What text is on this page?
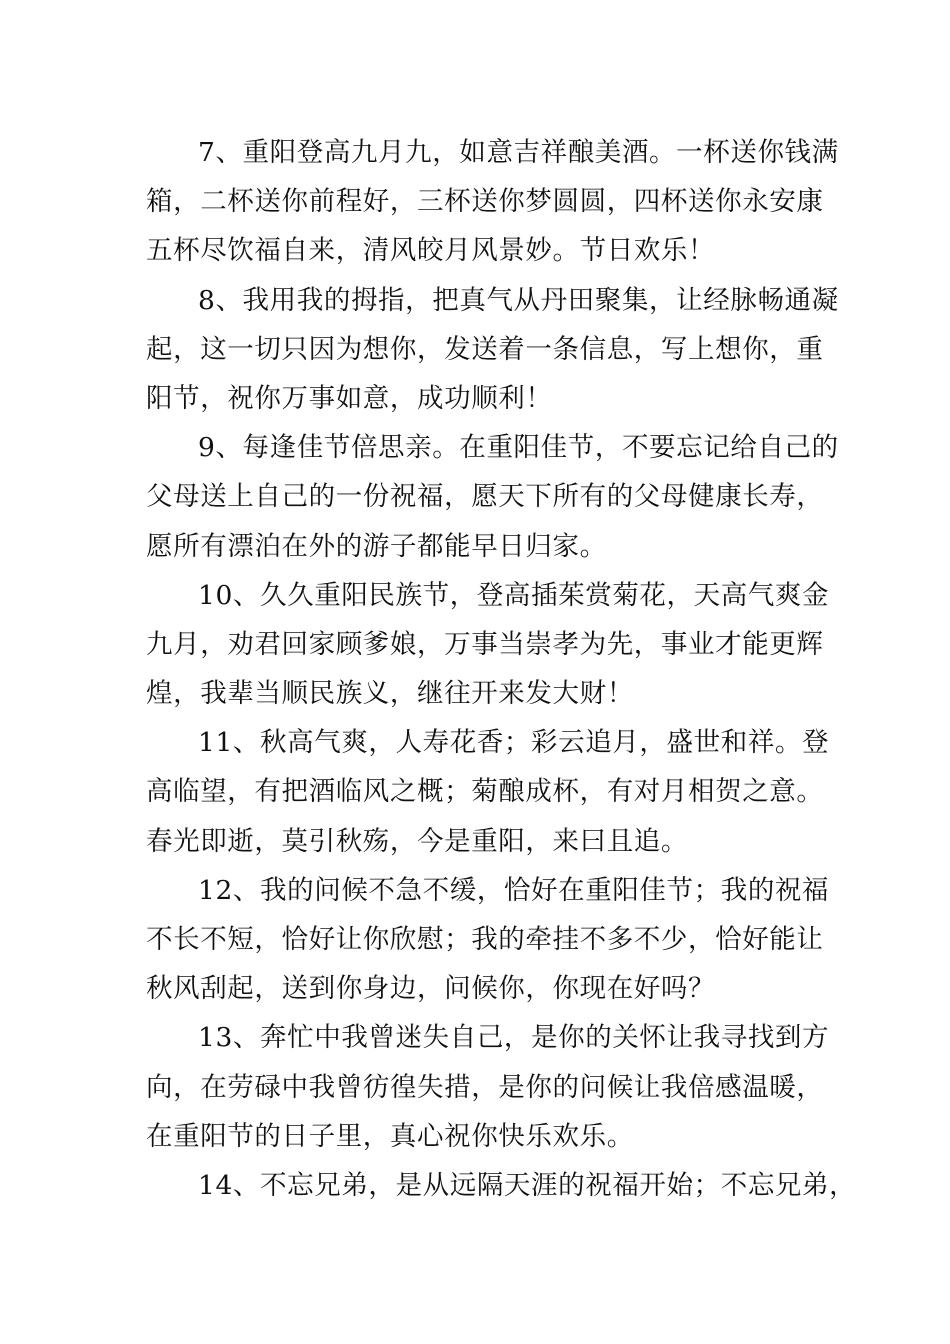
7、重阳登高九月九，如意吉祥酿美酒。一杯送你钱满
箱，二杯送你前程好，三杯送你梦圆圆，四杯送你永安康
五杯尽饮福自来，清风皎月风景妙。节日欢乐！
8、我用我的拇指，把真气从丹田聚集，让经脉畅通凝
起，这一切只因为想你，发送着一条信息，写上想你，重
阳节，祝你万事如意，成功顺利！
9、每逢佳节倍思亲。在重阳佳节，不要忘记给自己的
父母送上自己的一份祝福，愿天下所有的父母健康长寿，
愿所有漂泊在外的游子都能早日归家。
10、久久重阳民族节，登高插茱赏菊花，天高气爽金
九月，劝君回家顾爹娘，万事当崇孝为先，事业才能更辉
煌，我辈当顺民族义，继往开来发大财！
11、秋高气爽，人寿花香；彩云追月，盛世和祥。登
高临望，有把酒临风之概；菊酿成杯，有对月相贺之意。
春光即逝，莫引秋殇，今是重阳，来曰且追。
12、我的问候不急不缓，恰好在重阳佳节；我的祝福
不长不短，恰好让你欣慰；我的牵挂不多不少，恰好能让
秋风刮起，送到你身边，问候你，你现在好吗？
13、奔忙中我曾迷失自己，是你的关怀让我寻找到方
向，在劳碌中我曾彷徨失措，是你的问候让我倍感温暖，
在重阳节的日子里，真心祝你快乐欢乐。
14、不忘兄弟，是从远隔天涯的祝福开始；不忘兄弟，
